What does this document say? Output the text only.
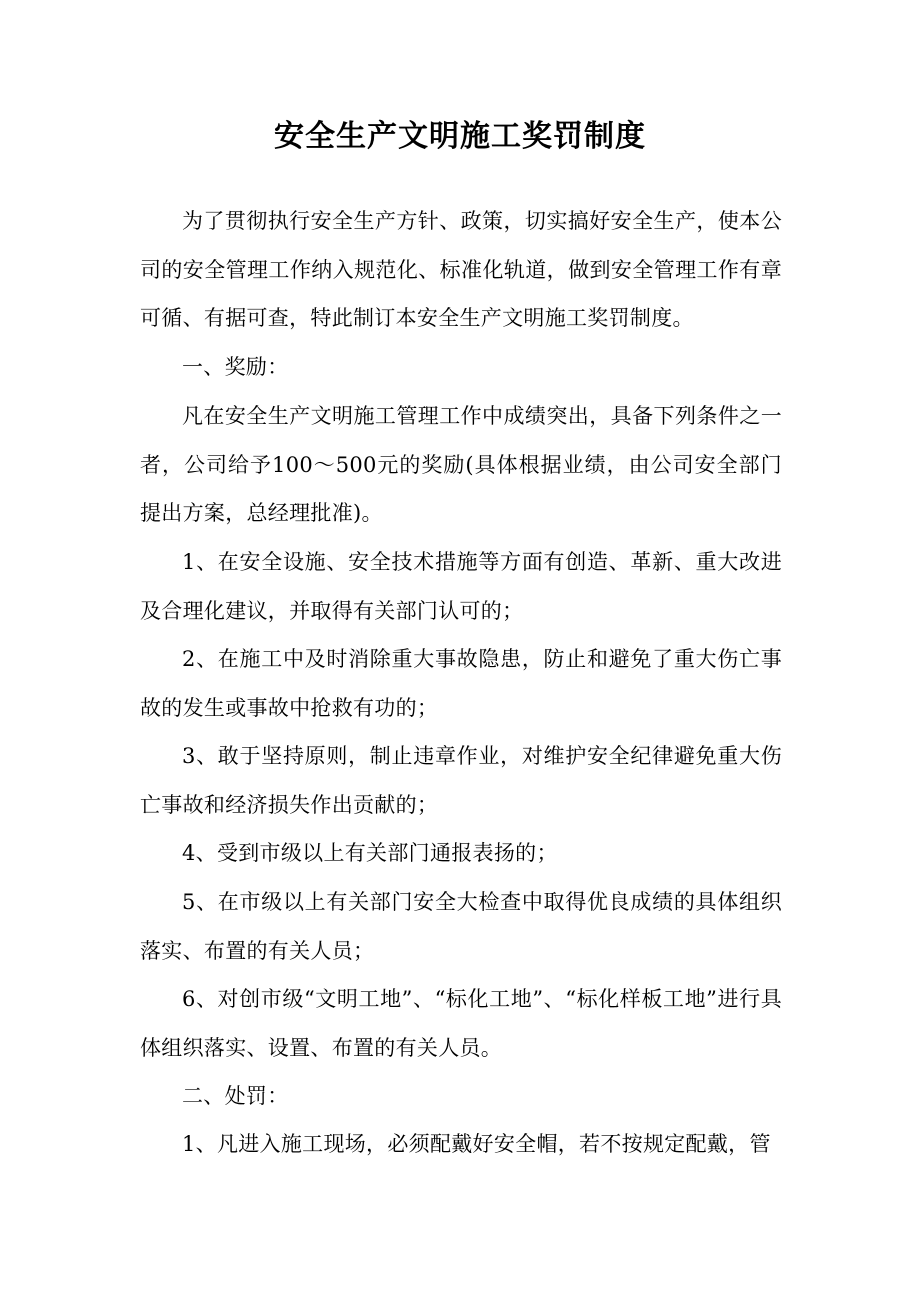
安全生产文明施工奖罚制度

为了贯彻执行安全生产方针、政策，切实搞好安全生产，使本公司的安全管理工作纳入规范化、标准化轨道，做到安全管理工作有章可循、有据可查，特此制订本安全生产文明施工奖罚制度。

一、奖励：

凡在安全生产文明施工管理工作中成绩突出，具备下列条件之一者，公司给予100～500元的奖励(具体根据业绩，由公司安全部门提出方案，总经理批准)。

1、在安全设施、安全技术措施等方面有创造、革新、重大改进及合理化建议，并取得有关部门认可的；

2、在施工中及时消除重大事故隐患，防止和避免了重大伤亡事故的发生或事故中抢救有功的；

3、敢于坚持原则，制止违章作业，对维护安全纪律避免重大伤亡事故和经济损失作出贡献的；

4、受到市级以上有关部门通报表扬的；

5、在市级以上有关部门安全大检查中取得优良成绩的具体组织落实、布置的有关人员；

6、对创市级“文明工地”、“标化工地”、“标化样板工地”进行具体组织落实、设置、布置的有关人员。

二、处罚：

1、凡进入施工现场，必须配戴好安全帽，若不按规定配戴，管
